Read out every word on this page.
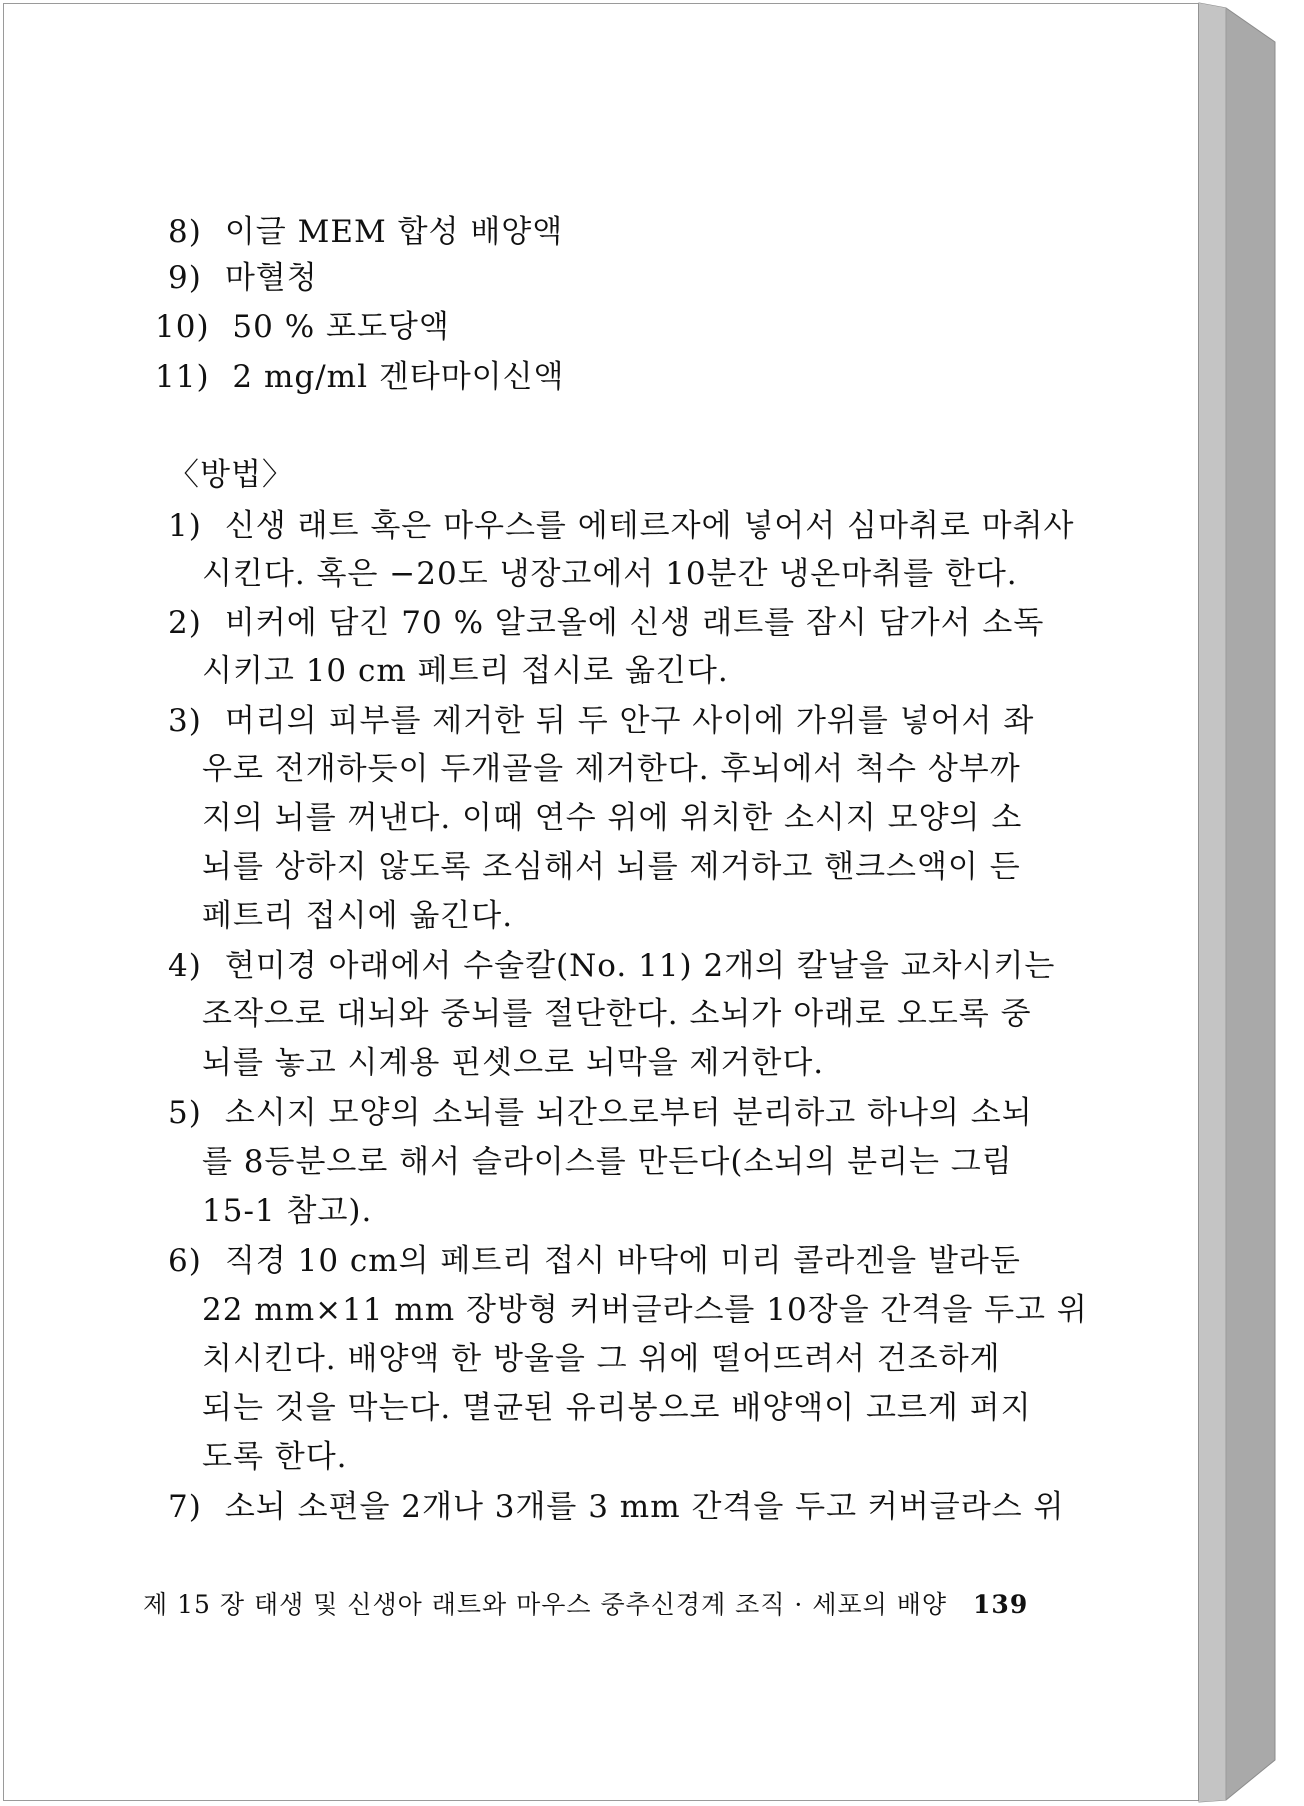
8) 이글 MEM 합성 배양액
9) 마혈청
10) 50 % 포도당액
11) 2 mg/ml 겐타마이신액
〈방법〉
1) 신생 래트 혹은 마우스를 에테르자에 넣어서 심마취로 마취사
시킨다. 혹은 −20도 냉장고에서 10분간 냉온마취를 한다.
2) 비커에 담긴 70 % 알코올에 신생 래트를 잠시 담가서 소독
시키고 10 cm 페트리 접시로 옮긴다.
3) 머리의 피부를 제거한 뒤 두 안구 사이에 가위를 넣어서 좌
우로 전개하듯이 두개골을 제거한다. 후뇌에서 척수 상부까
지의 뇌를 꺼낸다. 이때 연수 위에 위치한 소시지 모양의 소
뇌를 상하지 않도록 조심해서 뇌를 제거하고 핸크스액이 든
페트리 접시에 옮긴다.
4) 현미경 아래에서 수술칼(No. 11) 2개의 칼날을 교차시키는
조작으로 대뇌와 중뇌를 절단한다. 소뇌가 아래로 오도록 중
뇌를 놓고 시계용 핀셋으로 뇌막을 제거한다.
5) 소시지 모양의 소뇌를 뇌간으로부터 분리하고 하나의 소뇌
를 8등분으로 해서 슬라이스를 만든다(소뇌의 분리는 그림
15-1 참고).
6) 직경 10 cm의 페트리 접시 바닥에 미리 콜라겐을 발라둔
22 mm×11 mm 장방형 커버글라스를 10장을 간격을 두고 위
치시킨다. 배양액 한 방울을 그 위에 떨어뜨려서 건조하게
되는 것을 막는다. 멸균된 유리봉으로 배양액이 고르게 퍼지
도록 한다.
7) 소뇌 소편을 2개나 3개를 3 mm 간격을 두고 커버글라스 위
제 15 장 태생 및 신생아 래트와 마우스 중추신경계 조직 · 세포의 배양 139
